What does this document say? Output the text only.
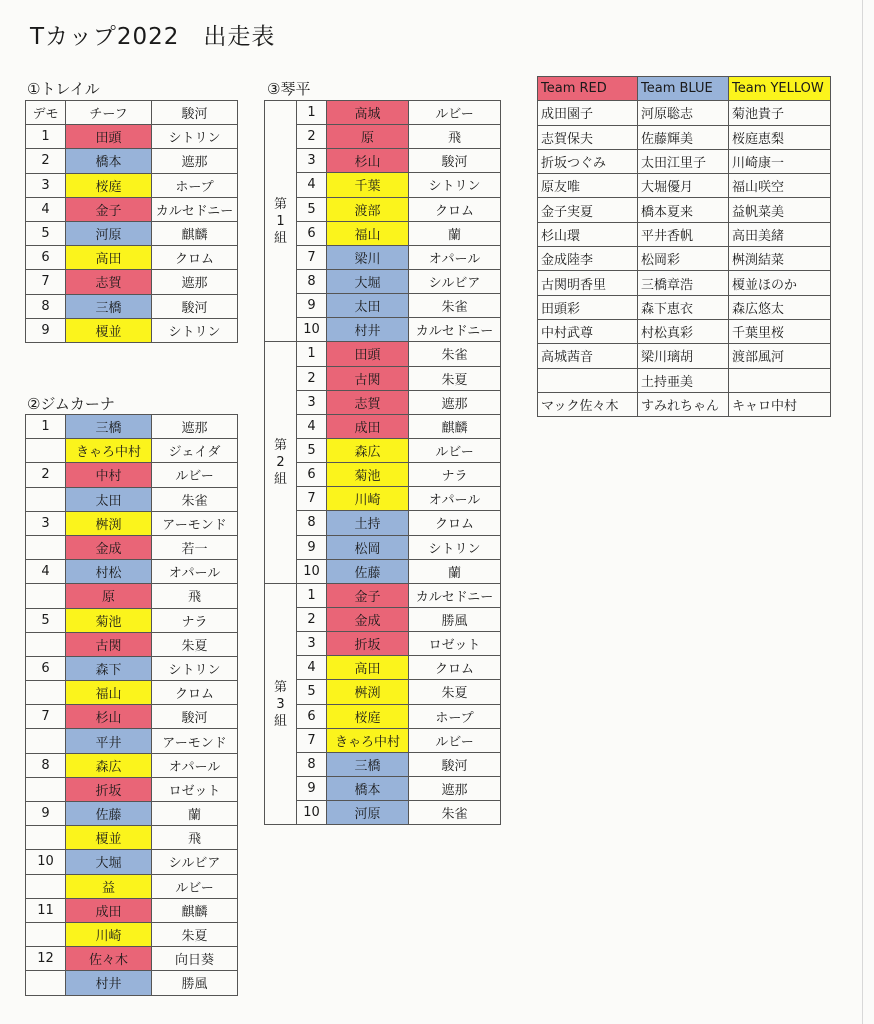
Tカップ2022　出走表
①トレイル
デモ	チーフ	駿河
1	田頭	シトリン
2	橋本	遮那
3	桜庭	ホープ
4	金子	カルセドニー
5	河原	麒麟
6	高田	クロム
7	志賀	遮那
8	三橋	駿河
9	榎並	シトリン
②ジムカーナ
1	三橋	遮那
	きゃろ中村	ジェイダ
2	中村	ルビー
	太田	朱雀
3	桝渕	アーモンド
	金成	若一
4	村松	オパール
	原	飛
5	菊池	ナラ
	古関	朱夏
6	森下	シトリン
	福山	クロム
7	杉山	駿河
	平井	アーモンド
8	森広	オパール
	折坂	ロゼット
9	佐藤	蘭
	榎並	飛
10	大堀	シルビア
	益	ルビー
11	成田	麒麟
	川崎	朱夏
12	佐々木	向日葵
	村井	勝風
③琴平
第
1
組	1	高城	ルビー
	2	原	飛
	3	杉山	駿河
	4	千葉	シトリン
	5	渡部	クロム
	6	福山	蘭
	7	梁川	オパール
	8	大堀	シルビア
	9	太田	朱雀
	10	村井	カルセドニー
第
2
組	1	田頭	朱雀
	2	古関	朱夏
	3	志賀	遮那
	4	成田	麒麟
	5	森広	ルビー
	6	菊池	ナラ
	7	川崎	オパール
	8	土持	クロム
	9	松岡	シトリン
	10	佐藤	蘭
第
3
組	1	金子	カルセドニー
	2	金成	勝風
	3	折坂	ロゼット
	4	高田	クロム
	5	桝渕	朱夏
	6	桜庭	ホープ
	7	きゃろ中村	ルビー
	8	三橋	駿河
	9	橋本	遮那
	10	河原	朱雀
Team RED	Team BLUE	Team YELLOW
成田園子	河原聡志	菊池貴子
志賀保夫	佐藤輝美	桜庭恵梨
折坂つぐみ	太田江里子	川崎康一
原友唯	大堀優月	福山咲空
金子実夏	橋本夏来	益帆菜美
杉山環	平井香帆	高田美緒
金成陸李	松岡彩	桝渕結菜
古関明香里	三橋章浩	榎並ほのか
田頭彩	森下恵衣	森広悠太
中村武尊	村松真彩	千葉里桜
高城茜音	梁川璃胡	渡部風河
	土持亜美	
マック佐々木	すみれちゃん	キャロ中村
